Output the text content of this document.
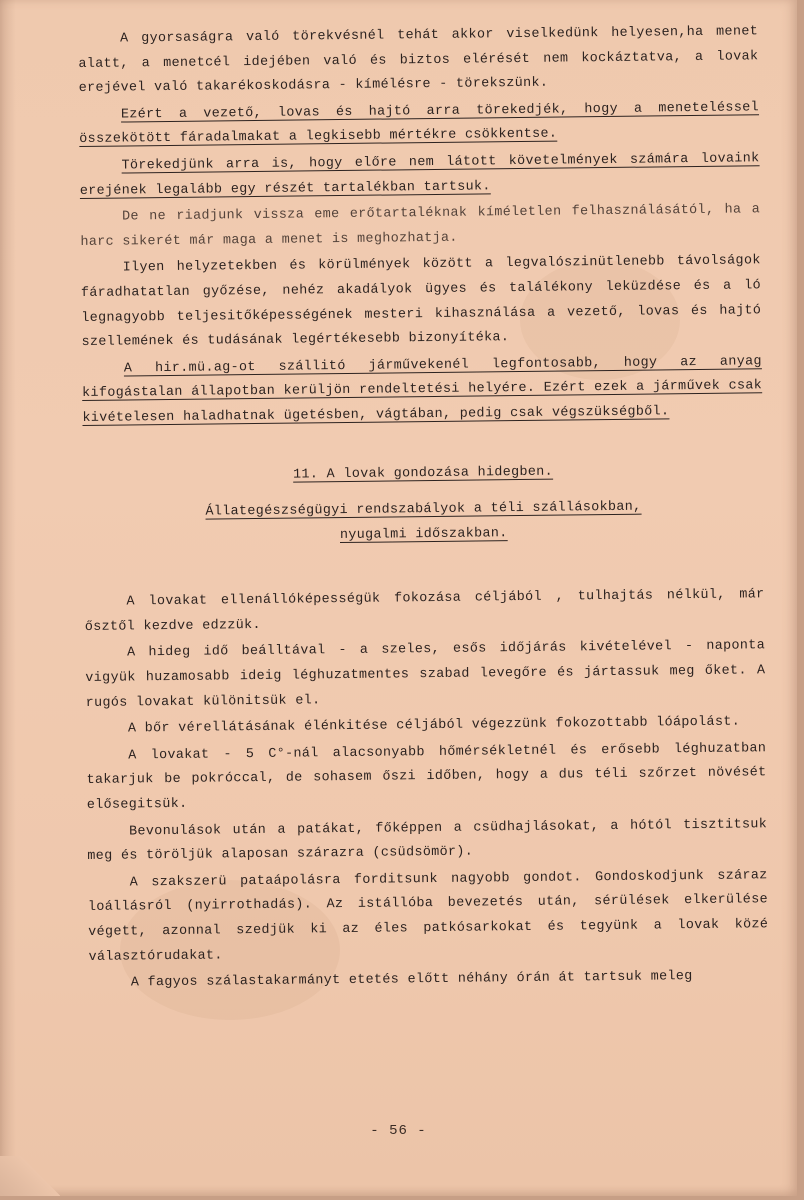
A gyorsaságra való törekvésnél tehát akkor viselkedünk helyesen,ha menet alatt, a menetcél idejében való és biztos elérését nem kockáztatva, a lovak erejével való takarékoskodásra - kímélésre - törekszünk.

Ezért a vezető, lovas és hajtó arra törekedjék, hogy a meneteléssel összekötött fáradalmakat a legkisebb mértékre csökkentse.

Törekedjünk arra is, hogy előre nem látott követelmények számára lovaink erejének legalább egy részét tartalékban tartsuk.

De ne riadjunk vissza eme erőtartaléknak kíméletlen felhasználásától, ha a harc sikerét már maga a menet is meghozhatja.

Ilyen helyzetekben és körülmények között a legvalószinütlenebb távolságok fáradhatatlan győzése, nehéz akadályok ügyes és találékony leküzdése és a ló legnagyobb teljesitőképességének mesteri kihasználása a vezető, lovas és hajtó szellemének és tudásának legértékesebb bizonyítéka.

A hir.mü.ag-ot szállitó járművekenél legfontosabb, hogy az anyag kifogástalan állapotban kerüljön rendeltetési helyére. Ezért ezek a járművek csak kivételesen haladhatnak ügetésben, vágtában, pedig csak végszükségből.

11. A lovak gondozása hidegben.

Állategészségügyi rendszabályok a téli szállásokban,

nyugalmi időszakban.

A lovakat ellenállóképességük fokozása céljából , tulhajtás nélkül, már ősztől kezdve edzzük.

A hideg idő beálltával - a szeles, esős időjárás kivételével - naponta vigyük huzamosabb ideig léghuzatmentes szabad levegőre és jártassuk meg őket. A rugós lovakat különitsük el.

A bőr vérellátásának élénkitése céljából végezzünk fokozottabb lóápolást.

A lovakat - 5 C°-nál alacsonyabb hőmérsékletnél és erősebb léghuzatban takarjuk be pokróccal, de sohasem őszi időben, hogy a dus téli szőrzet növését elősegitsük.

Bevonulások után a patákat, főképpen a csüdhajlásokat, a hótól tisztitsuk meg és töröljük alaposan szárazra (csüdsömör).

A szakszerü pataápolásra forditsunk nagyobb gondot. Gondoskodjunk száraz loállásról (nyirrothadás). Az istállóba bevezetés után, sérülések elkerülése végett, azonnal szedjük ki az éles patkósarkokat és tegyünk a lovak közé választórudakat.

A fagyos szálastakarmányt etetés előtt néhány órán át tartsuk meleg

- 56 -
